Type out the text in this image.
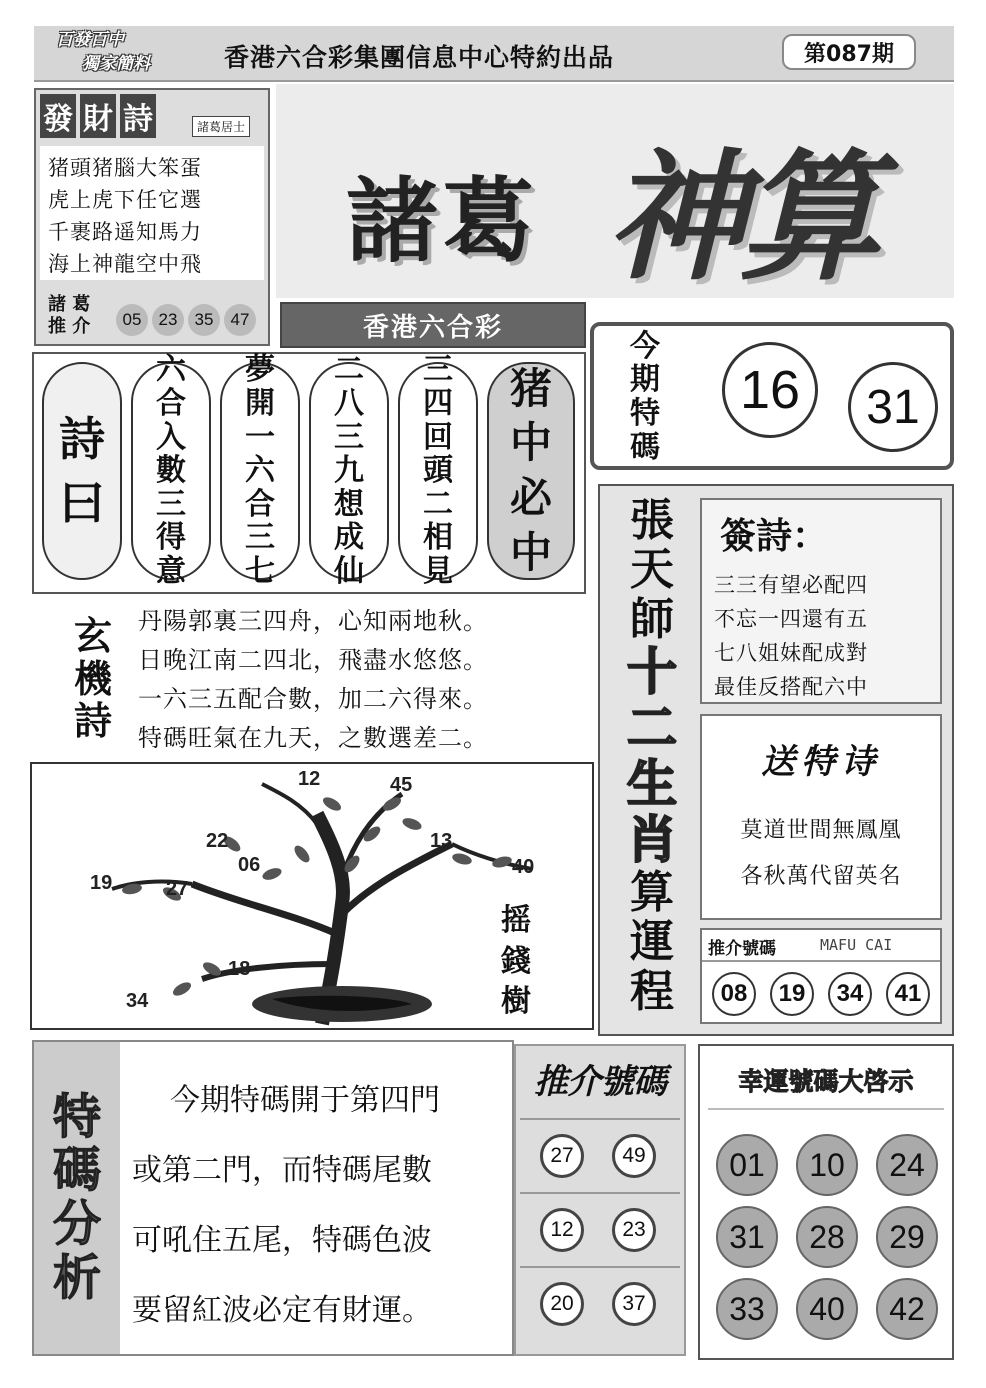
百發百中
獨家簡料	香港六合彩集團信息中心特約出品	第087期
發 財 詩	諸葛居士
猪頭猪腦大笨蛋
虎上虎下任它選
千裹路遥知馬力
海上神龍空中飛
諸 葛
推 介	05	23	35	47
諸葛 神算
香港六合彩
今
期
特
碼
16	31
詩
曰
六
合
入
數
三
得
意
夢
開
一
六
合
三
七
二
八
三
九
想
成
仙
三
四
回
頭
二
相
見
猪
中
必
中
玄
機
詩
丹陽郭裏三四舟，心知兩地秋。
日晚江南二四北，飛盡水悠悠。
一六三五配合數，加二六得來。
特碼旺氣在九天，之數選差二。
12	45
22	13
06	40
19	27
18
34
摇
錢
樹
張
天
師
十
二
生
肖
算
運
程
簽詩：
三三有望必配四
不忘一四還有五
七八姐妹配成對
最佳反搭配六中
送特诗
莫道世間無鳳凰
各秋萬代留英名
推介號碼	MAFU CAI
08	19	34	41
特
碼
分
析
今期特碼開于第四門
或第二門，而特碼尾數
可吼住五尾，特碼色波
要留紅波必定有財運。
推介號碼
27	49
12	23
20	37
幸運號碼大啓示
01	10	24
31	28	29
33	40	42
